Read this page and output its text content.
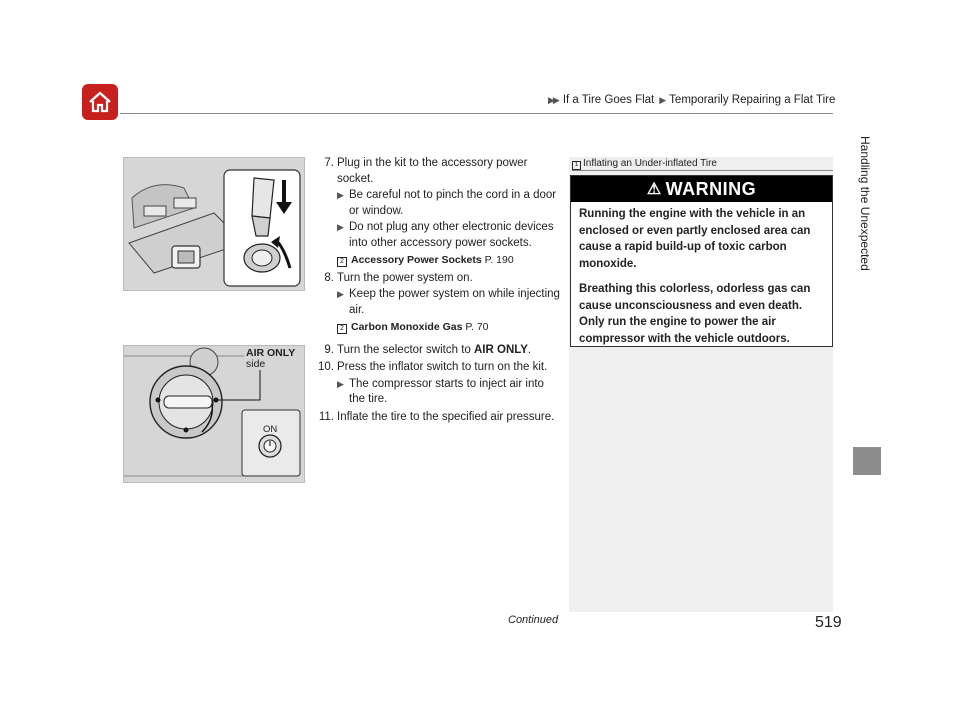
▶▶ If a Tire Goes Flat ▶ Temporarily Repairing a Flat Tire
Handling the Unexpected
AIR ONLY
side
ON
7. Plug in the kit to the accessory power socket.
▶ Be careful not to pinch the cord in a door or window.
▶ Do not plug any other electronic devices into other accessory power sockets.
2 Accessory Power Sockets P. 190
8. Turn the power system on.
▶ Keep the power system on while injecting air.
2 Carbon Monoxide Gas P. 70
9. Turn the selector switch to AIR ONLY.
10. Press the inflator switch to turn on the kit.
▶ The compressor starts to inject air into the tire.
11. Inflate the tire to the specified air pressure.
1 Inflating an Under-inflated Tire
⚠ WARNING

Running the engine with the vehicle in an enclosed or even partly enclosed area can cause a rapid build-up of toxic carbon monoxide.

Breathing this colorless, odorless gas can cause unconsciousness and even death. Only run the engine to power the air compressor with the vehicle outdoors.

Continued	519
